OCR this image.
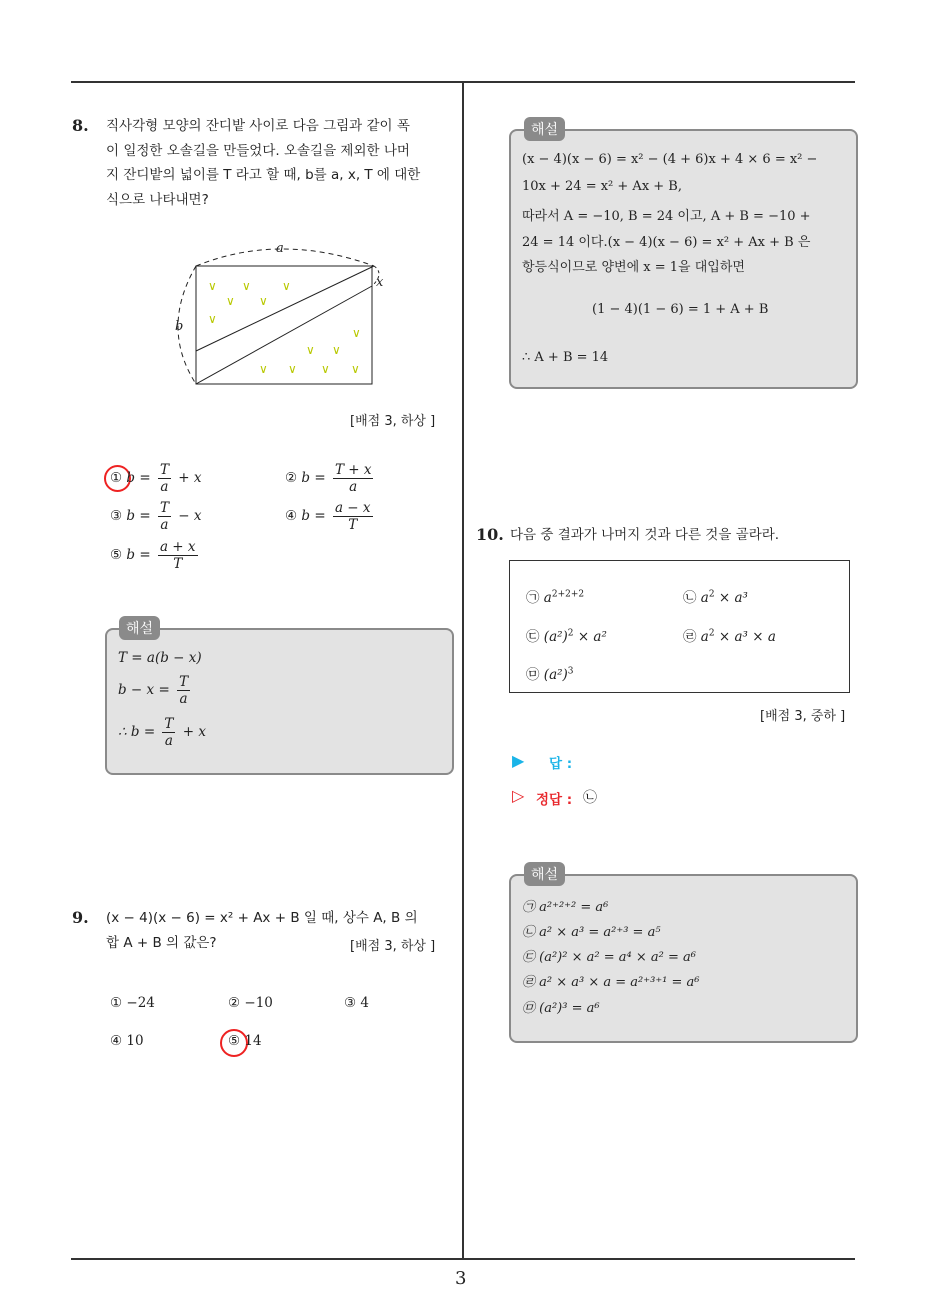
3
8. 직사각형 모양의 잔디밭 사이로 다음 그림과 같이 폭
이 일정한 오솔길을 만들었다. 오솔길을 제외한 나머
지 잔디밭의 넓이를 T 라고 할 때, b를 a, x, T 에 대한
식으로 나타내면?
a
b
x
∨ ∨	∨
∨ ∨
∨
∨
∨ ∨
∨ ∨ ∨ ∨
[배점 3, 하상 ]
① $b = \frac{T}{a} + x$	② $b = \frac{T + x}{a}$
③ $b = \frac{T}{a} - x$	④ $b = \frac{a - x}{T}$
⑤ $b = \frac{a + x}{T}$
해설
T = a(b − x)
$b - x = \frac{T}{a}$
∴ $b = \frac{T}{a} + x$
9. (x − 4)(x − 6) = x² + Ax + B 일 때, 상수 A, B 의
합 A + B 의 값은?	[배점 3, 하상 ]
① −24	② −10	③ 4
④ 10	⑤ 14
해설
(x − 4)(x − 6) = x² − (4 + 6)x + 4 × 6 = x² −
10x + 24 = x² + Ax + B,
따라서 A = −10, B = 24 이고, A + B = −10 +
24 = 14 이다.(x − 4)(x − 6) = x² + Ax + B 은
항등식이므로 양변에 x = 1을 대입하면
(1 − 4)(1 − 6) = 1 + A + B
∴ A + B = 14
10. 다음 중 결과가 나머지 것과 다른 것을 골라라.
㉠ $a^{2+2+2}$	㉡ $a^2 \times a^3$
㉢ $(a^2)^2 \times a^2$	㉣ $a^2 \times a^3 \times a$
㉤ $(a^2)^3$
[배점 3, 중하 ]
▶ 답 :
▷ 정답 : ㉡
해설
㉠ a²⁺²⁺² = a⁶
㉡ a² × a³ = a²⁺³ = a⁵
㉢ (a²)² × a² = a⁴ × a² = a⁶
㉣ a² × a³ × a = a²⁺³⁺¹ = a⁶
㉤ (a²)³ = a⁶
